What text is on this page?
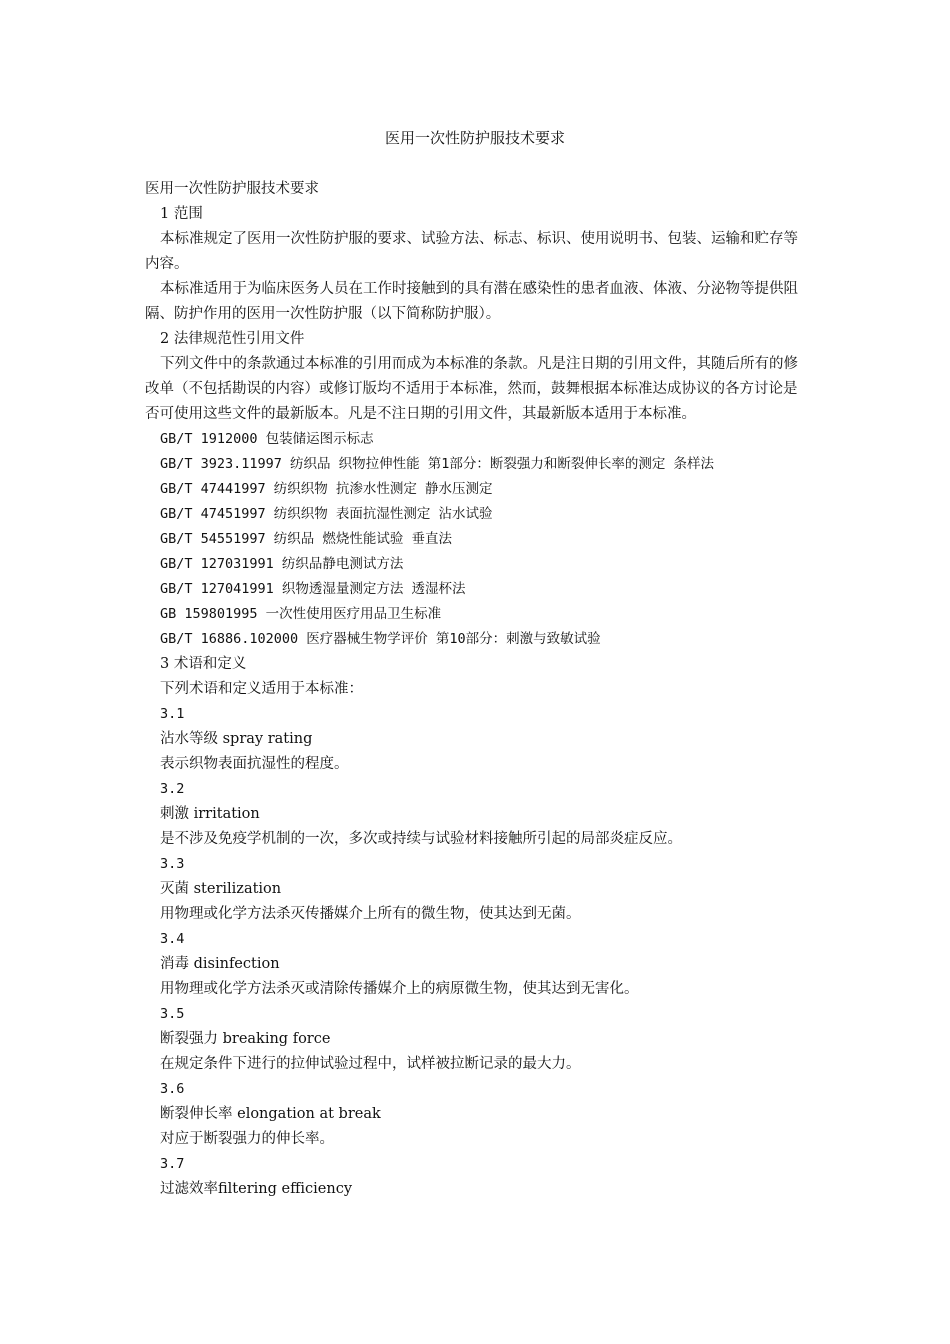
医用一次性防护服技术要求
医用一次性防护服技术要求
1 范围

本标准规定了医用一次性防护服的要求、试验方法、标志、标识、使用说明书、包装、运输和贮存等内容。

本标准适用于为临床医务人员在工作时接触到的具有潜在感染性的患者血液、体液、分泌物等提供阻隔、防护作用的医用一次性防护服（以下简称防护服）。

2 法律规范性引用文件

下列文件中的条款通过本标准的引用而成为本标准的条款。凡是注日期的引用文件，其随后所有的修改单（不包括勘误的内容）或修订版均不适用于本标准，然而，鼓舞根据本标准达成协议的各方讨论是否可使用这些文件的最新版本。凡是不注日期的引用文件，其最新版本适用于本标准。

GB/T 1912000 包装储运图示标志
GB/T 3923.11997 纺织品 织物拉伸性能 第1部分：断裂强力和断裂伸长率的测定 条样法
GB/T 47441997 纺织织物 抗渗水性测定 静水压测定
GB/T 47451997 纺织织物 表面抗湿性测定 沾水试验
GB/T 54551997 纺织品 燃烧性能试验 垂直法
GB/T 127031991 纺织品静电测试方法
GB/T 127041991 织物透湿量测定方法 透湿杯法
GB 159801995 一次性使用医疗用品卫生标准
GB/T 16886.102000 医疗器械生物学评价 第10部分：刺激与致敏试验
3 术语和定义
下列术语和定义适用于本标准：
3.1
沾水等级 spray rating
表示织物表面抗湿性的程度。
3.2
刺激 irritation
是不涉及免疫学机制的一次，多次或持续与试验材料接触所引起的局部炎症反应。
3.3
灭菌 sterilization
用物理或化学方法杀灭传播媒介上所有的微生物，使其达到无菌。
3.4
消毒 disinfection
用物理或化学方法杀灭或清除传播媒介上的病原微生物，使其达到无害化。
3.5
断裂强力 breaking force
在规定条件下进行的拉伸试验过程中，试样被拉断记录的最大力。
3.6
断裂伸长率 elongation at break
对应于断裂强力的伸长率。
3.7
过滤效率filtering efficiency
